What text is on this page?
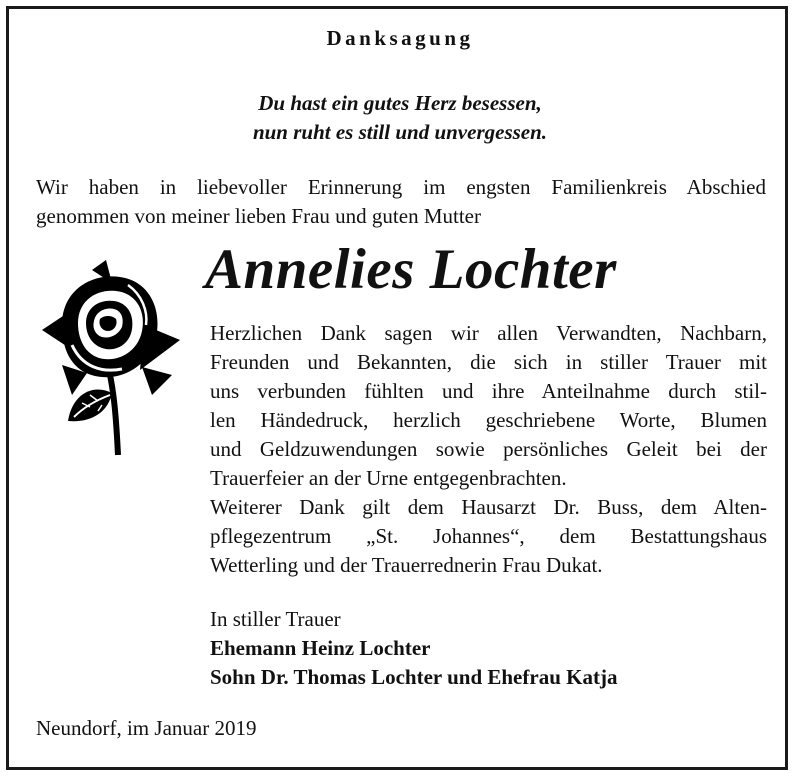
Danksagung
Du hast ein gutes Herz besessen,
nun ruht es still und unvergessen.
Wir haben in liebevoller Erinnerung im engsten Familienkreis Abschied
genommen von meiner lieben Frau und guten Mutter
Annelies Lochter
Herzlichen Dank sagen wir allen Verwandten, Nachbarn,
Freunden und Bekannten, die sich in stiller Trauer mit
uns verbunden fühlten und ihre Anteilnahme durch stil-
len Händedruck, herzlich geschriebene Worte, Blumen
und Geldzuwendungen sowie persönliches Geleit bei der
Trauerfeier an der Urne entgegenbrachten.
Weiterer Dank gilt dem Hausarzt Dr. Buss, dem Alten-
pflegezentrum „St. Johannes“, dem Bestattungshaus
Wetterling und der Trauerrednerin Frau Dukat.
In stiller Trauer
Ehemann Heinz Lochter
Sohn Dr. Thomas Lochter und Ehefrau Katja
Neundorf, im Januar 2019
